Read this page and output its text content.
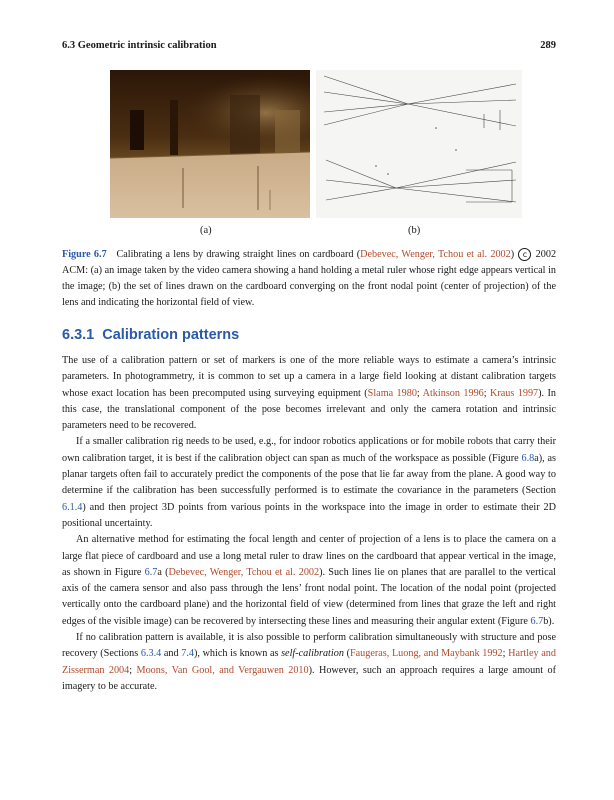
6.3 Geometric intrinsic calibration	289
(a)	(b)
Figure 6.7 Calibrating a lens by drawing straight lines on cardboard (Debevec, Wenger, Tchou et al. 2002) c 2002 ACM: (a) an image taken by the video camera showing a hand holding a metal ruler whose right edge appears vertical in the image; (b) the set of lines drawn on the cardboard converging on the front nodal point (center of projection) of the lens and indicating the horizontal field of view.
6.3.1 Calibration patterns

The use of a calibration pattern or set of markers is one of the more reliable ways to estimate a camera’s intrinsic parameters. In photogrammetry, it is common to set up a camera in a large field looking at distant calibration targets whose exact location has been precomputed using surveying equipment (Slama 1980; Atkinson 1996; Kraus 1997). In this case, the translational component of the pose becomes irrelevant and only the camera rotation and intrinsic parameters need to be recovered.

If a smaller calibration rig needs to be used, e.g., for indoor robotics applications or for mobile robots that carry their own calibration target, it is best if the calibration object can span as much of the workspace as possible (Figure 6.8a), as planar targets often fail to accurately predict the components of the pose that lie far away from the plane. A good way to determine if the calibration has been successfully performed is to estimate the covariance in the parameters (Section 6.1.4) and then project 3D points from various points in the workspace into the image in order to estimate their 2D positional uncertainty.

An alternative method for estimating the focal length and center of projection of a lens is to place the camera on a large flat piece of cardboard and use a long metal ruler to draw lines on the cardboard that appear vertical in the image, as shown in Figure 6.7a (Debevec, Wenger, Tchou et al. 2002). Such lines lie on planes that are parallel to the vertical axis of the camera sensor and also pass through the lens’ front nodal point. The location of the nodal point (projected vertically onto the cardboard plane) and the horizontal field of view (determined from lines that graze the left and right edges of the visible image) can be recovered by intersecting these lines and measuring their angular extent (Figure 6.7b).

If no calibration pattern is available, it is also possible to perform calibration simultaneously with structure and pose recovery (Sections 6.3.4 and 7.4), which is known as self-calibration (Faugeras, Luong, and Maybank 1992; Hartley and Zisserman 2004; Moons, Van Gool, and Vergauwen 2010). However, such an approach requires a large amount of imagery to be accurate.
